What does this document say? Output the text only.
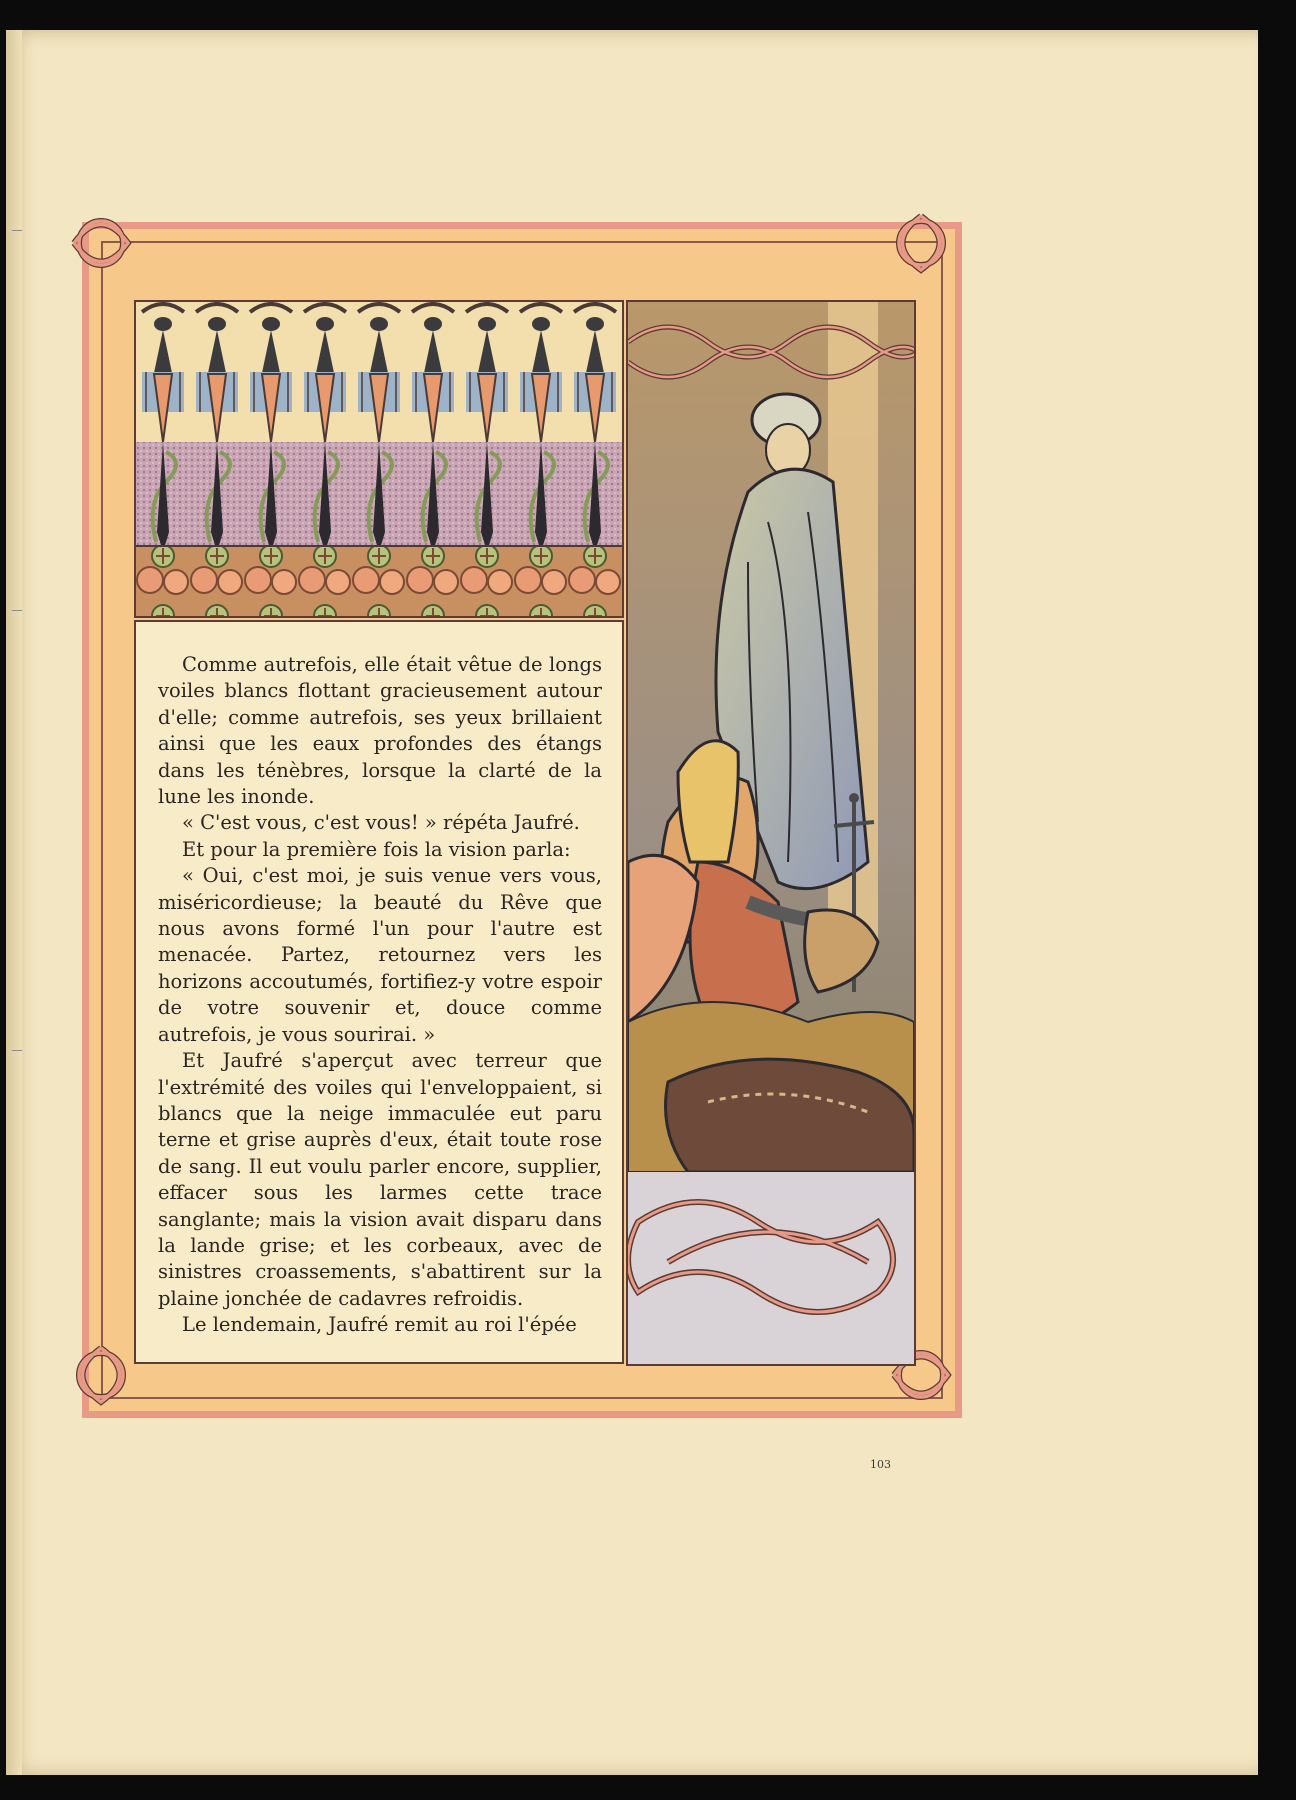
Comme autrefois, elle était vêtue de longs voiles blancs flottant gracieusement autour d'elle; comme autrefois, ses yeux brillaient ainsi que les eaux profondes des étangs dans les ténèbres, lorsque la clarté de la lune les inonde.

« C'est vous, c'est vous! » répéta Jaufré.

Et pour la première fois la vision parla:

« Oui, c'est moi, je suis venue vers vous, miséricordieuse; la beauté du Rêve que nous avons formé l'un pour l'autre est menacée. Partez, retournez vers les horizons accoutumés, fortifiez-y votre espoir de votre souvenir et, douce comme autrefois, je vous sourirai. »

Et Jaufré s'aperçut avec terreur que l'extrémité des voiles qui l'enveloppaient, si blancs que la neige immaculée eut paru terne et grise auprès d'eux, était toute rose de sang. Il eut voulu parler encore, supplier, effacer sous les larmes cette trace sanglante; mais la vision avait disparu dans la lande grise; et les corbeaux, avec de sinistres croassements, s'abattirent sur la plaine jonchée de cadavres refroidis.

Le lendemain, Jaufré remit au roi l'épée

103
